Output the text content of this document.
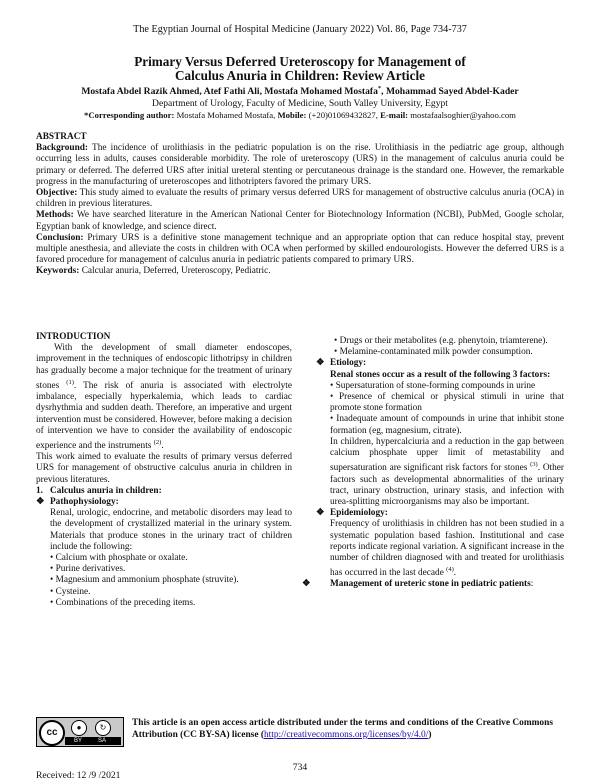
The Egyptian Journal of Hospital Medicine (January 2022) Vol. 86, Page 734-737
Primary Versus Deferred Ureteroscopy for Management of
Calculus Anuria in Children: Review Article
Mostafa Abdel Razik Ahmed, Atef Fathi Ali, Mostafa Mohamed Mostafa*, Mohammad Sayed Abdel-Kader
Department of Urology, Faculty of Medicine, South Valley University, Egypt
*Corresponding author: Mostafa Mohamed Mostafa, Mobile: (+20)01069432827, E-mail: mostafaalsoghier@yahoo.com

ABSTRACT

Background: The incidence of urolithiasis in the pediatric population is on the rise. Urolithiasis in the pediatric age group, although occurring less in adults, causes considerable morbidity. The role of ureteroscopy (URS) in the management of calculus anuria could be primary or deferred. The deferred URS after initial ureteral stenting or percutaneous drainage is the standard one. However, the remarkable progress in the manufacturing of ureteroscopes and lithotripters favored the primary URS.

Objective: This study aimed to evaluate the results of primary versus deferred URS for management of obstructive calculus anuria (OCA) in children in previous literatures.

Methods: We have searched literature in the American National Center for Biotechnology Information (NCBI), PubMed, Google scholar, Egyptian bank of knowledge, and science direct.

Conclusion: Primary URS is a definitive stone management technique and an appropriate option that can reduce hospital stay, prevent multiple anesthesia, and alleviate the costs in children with OCA when performed by skilled endourologists. However the deferred URS is a favored procedure for management of calculus anuria in pediatric patients compared to primary URS.

Keywords: Calcular anuria, Deferred, Ureteroscopy, Pediatric.

INTRODUCTION

With the development of small diameter endoscopes, improvement in the techniques of endoscopic lithotripsy in children has gradually become a major technique for the treatment of urinary stones $^{(1)}$. The risk of anuria is associated with electrolyte imbalance, especially hyperkalemia, which leads to cardiac dysrhythmia and sudden death. Therefore, an imperative and urgent intervention must be considered. However, before making a decision of intervention we have to consider the availability of endoscopic experience and the instruments $^{(2)}$.

This work aimed to evaluate the results of primary versus deferred URS for management of obstructive calculus anuria in children in previous literatures.

1. Calculus anuria in children:

❖ Pathophysiology:

Renal, urologic, endocrine, and metabolic disorders may lead to the development of crystallized material in the urinary system. Materials that produce stones in the urinary tract of children include the following:

• Calcium with phosphate or oxalate.

• Purine derivatives.

• Magnesium and ammonium phosphate (struvite).

• Cysteine.

• Combinations of the preceding items.

• Drugs or their metabolites (e.g. phenytoin, triamterene).

• Melamine-contaminated milk powder consumption.

❖ Etiology:

Renal stones occur as a result of the following 3 factors:

• Supersaturation of stone-forming compounds in urine

• Presence of chemical or physical stimuli in urine that promote stone formation

• Inadequate amount of compounds in urine that inhibit stone formation (eg, magnesium, citrate).

In children, hypercalciuria and a reduction in the gap between calcium phosphate upper limit of metastability and supersaturation are significant risk factors for stones $^{(3)}$. Other factors such as developmental abnormalities of the urinary tract, urinary obstruction, urinary stasis, and infection with urea-splitting microorganisms may also be important.

❖ Epidemiology:

Frequency of urolithiasis in children has not been studied in a systematic population based fashion. Institutional and case reports indicate regional variation. A significant increase in the number of children diagnosed with and treated for urolithiasis has occurred in the last decade $^{(4)}$.

❖ Management of ureteric stone in pediatric patients:

cc	●	↻
BY	SA
This article is an open access article distributed under the terms and conditions of the Creative Commons Attribution (CC BY-SA) license (http://creativecommons.org/licenses/by/4.0/)
734
Received: 12 /9 /2021
